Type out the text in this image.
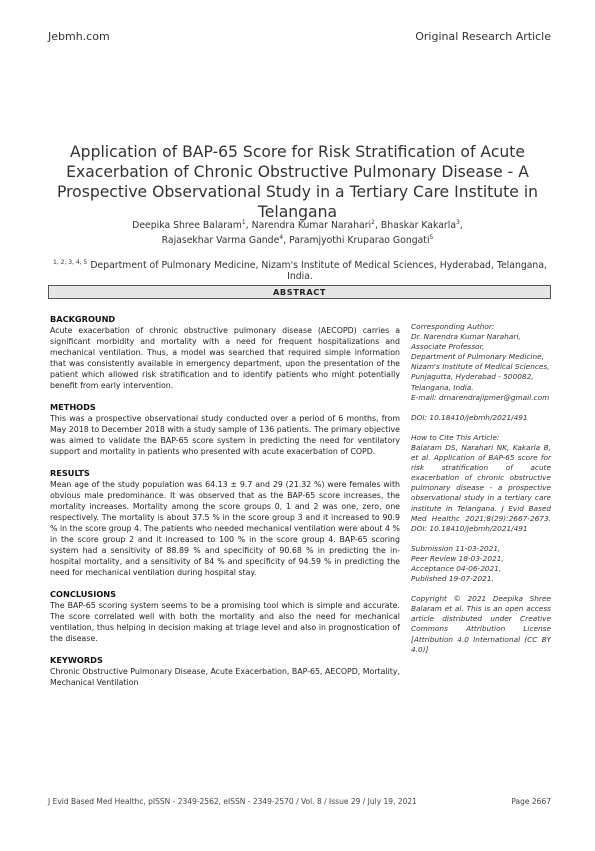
Jebmh.com	Original Research Article
Application of BAP-65 Score for Risk Stratification of Acute Exacerbation of Chronic Obstructive Pulmonary Disease - A Prospective Observational Study in a Tertiary Care Institute in Telangana
Deepika Shree Balaram$^1$, Narendra Kumar Narahari$^2$, Bhaskar Kakarla$^3$,
Rajasekhar Varma Gande$^4$, Paramjyothi Kruparao Gongati$^5$
$^{1, 2, 3, 4, 5}$ Department of Pulmonary Medicine, Nizam's Institute of Medical Sciences, Hyderabad, Telangana, India.
ABSTRACT

BACKGROUND

Acute exacerbation of chronic obstructive pulmonary disease (AECOPD) carries a significant morbidity and mortality with a need for frequent hospitalizations and mechanical ventilation. Thus, a model was searched that required simple information that was consistently available in emergency department, upon the presentation of the patient which allowed risk stratification and to identify patients who might potentially benefit from early intervention.

METHODS

This was a prospective observational study conducted over a period of 6 months, from May 2018 to December 2018 with a study sample of 136 patients. The primary objective was aimed to validate the BAP-65 score system in predicting the need for ventilatory support and mortality in patients who presented with acute exacerbation of COPD.

RESULTS

Mean age of the study population was 64.13 ± 9.7 and 29 (21.32 %) were females with obvious male predominance. It was observed that as the BAP-65 score increases, the mortality increases. Mortality among the score groups 0, 1 and 2 was one, zero, one respectively. The mortality is about 37.5 % in the score group 3 and it increased to 90.9 % in the score group 4. The patients who needed mechanical ventilation were about 4 % in the score group 2 and it increased to 100 % in the score group 4. BAP-65 scoring system had a sensitivity of 88.89 % and specificity of 90.68 % in predicting the in-hospital mortality, and a sensitivity of 84 % and specificity of 94.59 % in predicting the need for mechanical ventilation during hospital stay.

CONCLUSIONS

The BAP-65 scoring system seems to be a promising tool which is simple and accurate. The score correlated well with both the mortality and also the need for mechanical ventilation, thus helping in decision making at triage level and also in prognostication of the disease.

KEYWORDS

Chronic Obstructive Pulmonary Disease, Acute Exacerbation, BAP-65, AECOPD, Mortality, Mechanical Ventilation

Corresponding Author:
Dr. Narendra Kumar Narahari,
Associate Professor,
Department of Pulmonary Medicine,
Nizam's Institute of Medical Sciences,
Punjagutta, Hyderabad - 500082,
Telangana, India.
E-mail: drnarendrajipmer@gmail.com

DOI: 10.18410/jebmh/2021/491

How to Cite This Article:
Balaram DS, Narahari NK, Kakarla B, et al. Application of BAP-65 score for risk stratification of acute exacerbation of chronic obstructive pulmonary disease - a prospective observational study in a tertiary care institute in Telangana. J Evid Based Med Healthc 2021;8(29):2667-2673. DOI: 10.18410/jebmh/2021/491

Submission 11-03-2021,
Peer Review 18-03-2021,
Acceptance 04-06-2021,
Published 19-07-2021.

Copyright © 2021 Deepika Shree Balaram et al. This is an open access article distributed under Creative Commons Attribution License [Attribution 4.0 International (CC BY 4.0)]

J Evid Based Med Healthc, pISSN - 2349-2562, eISSN - 2349-2570 / Vol. 8 / Issue 29 / July 19, 2021	Page 2667
